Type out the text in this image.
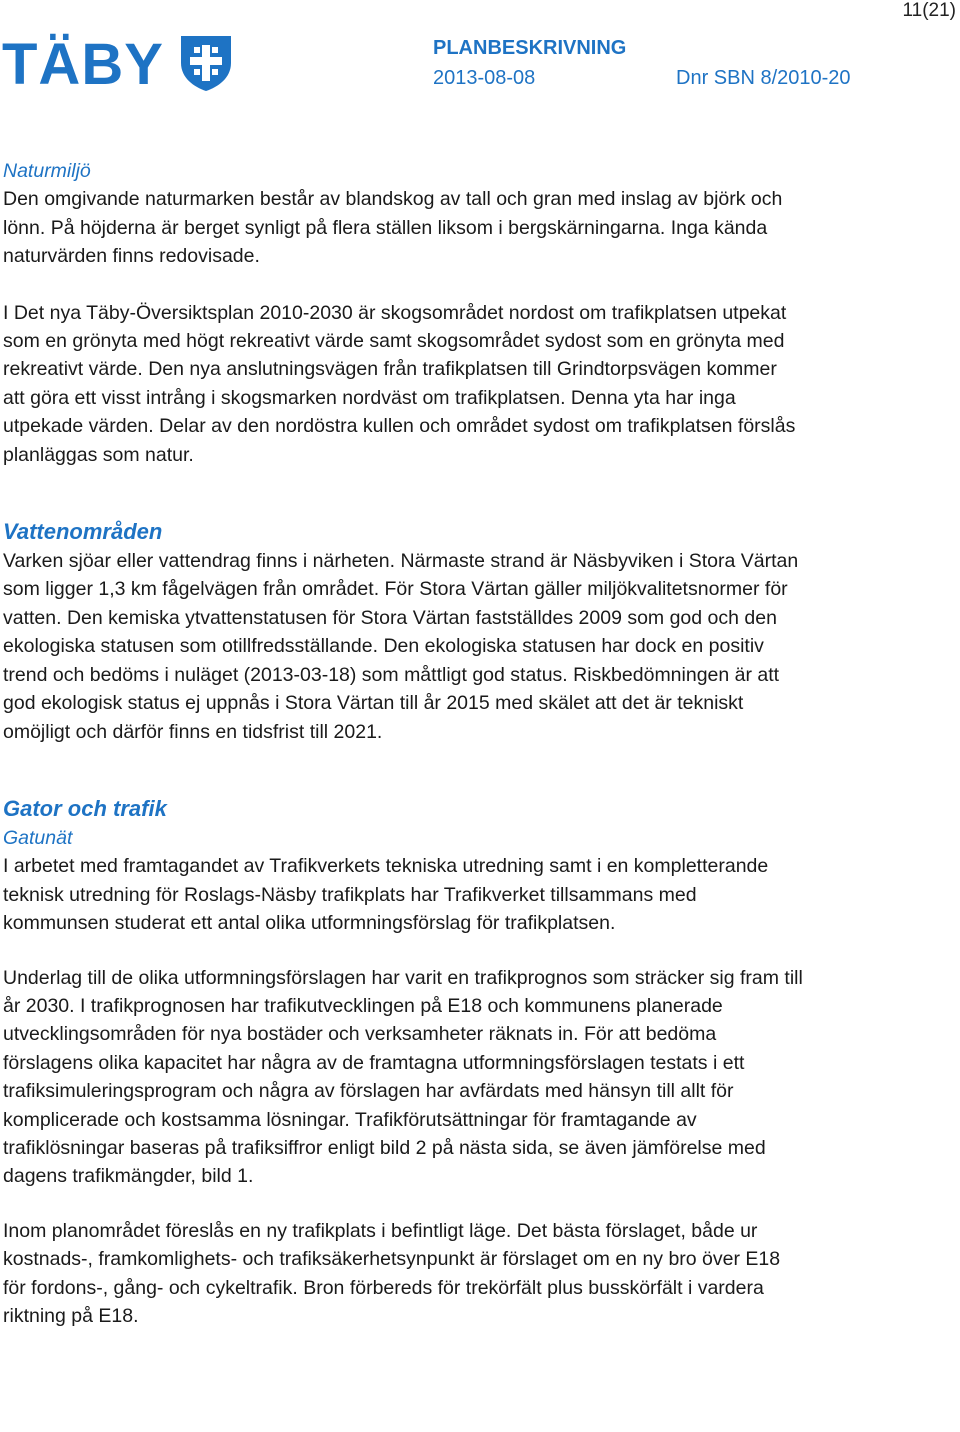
11(21)
TÄBY	PLANBESKRIVNING
2013-08-08	Dnr SBN 8/2010-20

Naturmiljö

Den omgivande naturmarken består av blandskog av tall och gran med inslag av björk och lönn. På höjderna är berget synligt på flera ställen liksom i bergskärningarna. Inga kända naturvärden finns redovisade.

I Det nya Täby-Översiktsplan 2010-2030 är skogsområdet nordost om trafikplatsen utpekat som en grönyta med högt rekreativt värde samt skogsområdet sydost som en grönyta med rekreativt värde. Den nya anslutningsvägen från trafikplatsen till Grindtorpsvägen kommer att göra ett visst intrång i skogsmarken nordväst om trafikplatsen. Denna yta har inga utpekade värden. Delar av den nordöstra kullen och området sydost om trafikplatsen förslås planläggas som natur.

Vattenområden

Varken sjöar eller vattendrag finns i närheten. Närmaste strand är Näsbyviken i Stora Värtan som ligger 1,3 km fågelvägen från området. För Stora Värtan gäller miljökvalitetsnormer för vatten. Den kemiska ytvattenstatusen för Stora Värtan fastställdes 2009 som god och den ekologiska statusen som otillfredsställande. Den ekologiska statusen har dock en positiv trend och bedöms i nuläget (2013-03-18) som måttligt god status. Riskbedömningen är att god ekologisk status ej uppnås i Stora Värtan till år 2015 med skälet att det är tekniskt omöjligt och därför finns en tidsfrist till 2021.

Gator och trafik

Gatunät

I arbetet med framtagandet av Trafikverkets tekniska utredning samt i en kompletterande teknisk utredning för Roslags-Näsby trafikplats har Trafikverket tillsammans med kommunsen studerat ett antal olika utformningsförslag för trafikplatsen.

Underlag till de olika utformningsförslagen har varit en trafikprognos som sträcker sig fram till år 2030. I trafikprognosen har trafikutvecklingen på E18 och kommunens planerade utvecklingsområden för nya bostäder och verksamheter räknats in. För att bedöma förslagens olika kapacitet har några av de framtagna utformningsförslagen testats i ett trafiksimuleringsprogram och några av förslagen har avfärdats med hänsyn till allt för komplicerade och kostsamma lösningar. Trafikförutsättningar för framtagande av trafiklösningar baseras på trafiksiffror enligt bild 2 på nästa sida, se även jämförelse med dagens trafikmängder, bild 1.

Inom planområdet föreslås en ny trafikplats i befintligt läge. Det bästa förslaget, både ur kostnads-, framkomlighets- och trafiksäkerhetsynpunkt är förslaget om en ny bro över E18 för fordons-, gång- och cykeltrafik. Bron förbereds för trekörfält plus busskörfält i vardera riktning på E18.
